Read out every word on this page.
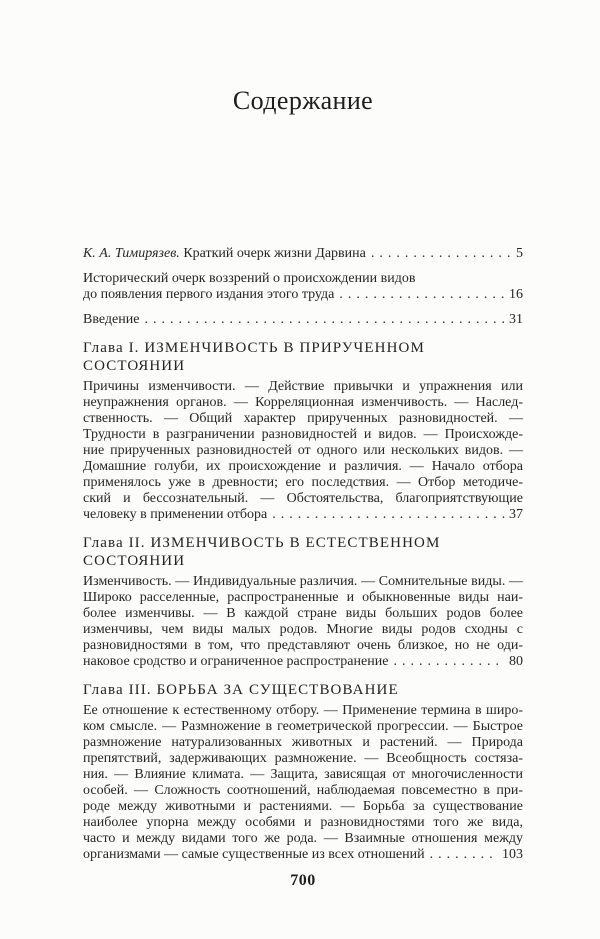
Содержание
К. А. Тимирязев. Краткий очерк жизни Дарвина .....	5
Исторический очерк воззрений о происхождении видов
до появления первого издания этого труда .....	16
Введение .....	31
Глава I. ИЗМЕНЧИВОСТЬ В ПРИРУЧЕННОМ
СОСТОЯНИИ
Причины изменчивости. — Действие привычки и упражнения или
неупражнения органов. — Корреляционная изменчивость. — Наслед-
ственность. — Общий характер прирученных разновидностей. —
Трудности в разграничении разновидностей и видов. — Происхожде-
ние прирученных разновидностей от одного или нескольких видов. —
Домашние голуби, их происхождение и различия. — Начало отбора
применялось уже в древности; его последствия. — Отбор методиче-
ский и бессознательный. — Обстоятельства, благоприятствующие
человеку в применении отбора .....	37
Глава II. ИЗМЕНЧИВОСТЬ В ЕСТЕСТВЕННОМ
СОСТОЯНИИ
Изменчивость. — Индивидуальные различия. — Сомнительные виды. —
Широко расселенные, распространенные и обыкновенные виды наи-
более изменчивы. — В каждой стране виды больших родов более
изменчивы, чем виды малых родов. Многие виды родов сходны с
разновидностями в том, что представляют очень близкое, но не оди-
наковое сродство и ограниченное распространение .....	80
Глава III. БОРЬБА ЗА СУЩЕСТВОВАНИЕ
Ее отношение к естественному отбору. — Применение термина в широ-
ком смысле. — Размножение в геометрической прогрессии. — Быстрое
размножение натурализованных животных и растений. — Природа
препятствий, задерживающих размножение. — Всеобщность состяза-
ния. — Влияние климата. — Защита, зависящая от многочисленности
особей. — Сложность соотношений, наблюдаемая повсеместно в при-
роде между животными и растениями. — Борьба за существование
наиболее упорна между особями и разновидностями того же вида,
часто и между видами того же рода. — Взаимные отношения между
организмами — самые существенные из всех отношений .....	103
700
